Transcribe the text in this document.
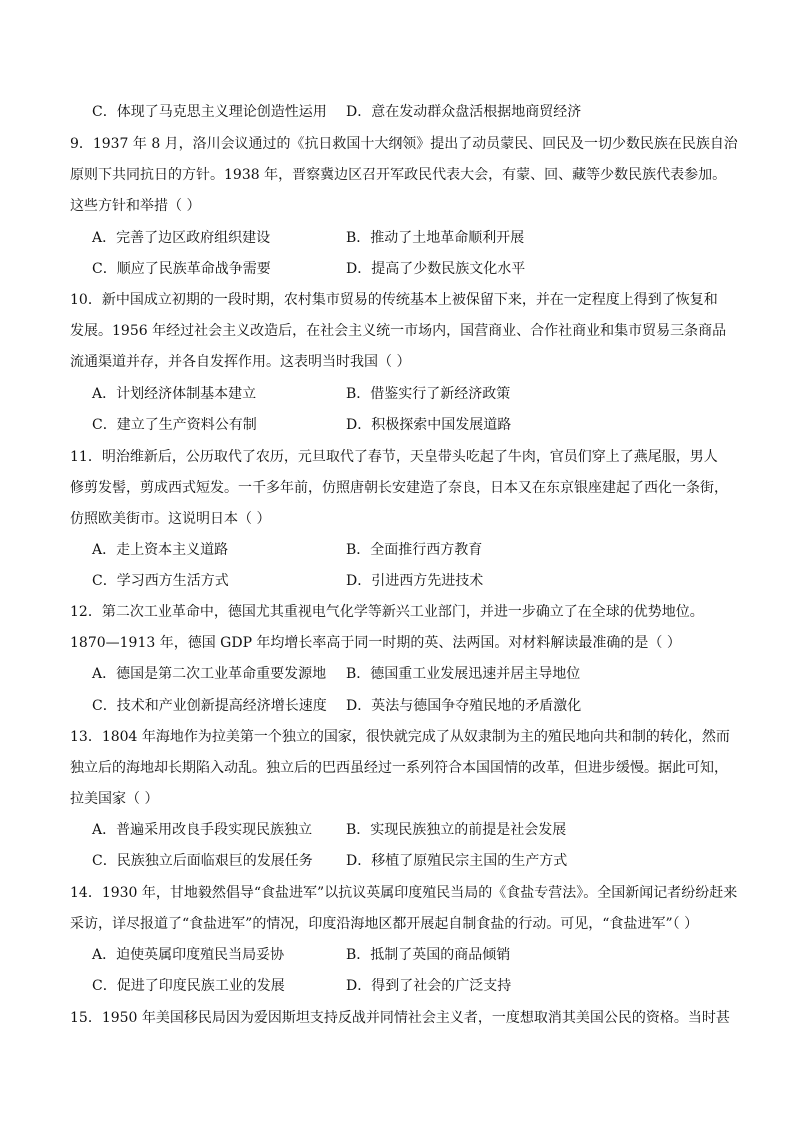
C．体现了马克思主义理论创造性运用 D．意在发动群众盘活根据地商贸经济
9．1937 年 8 月，洛川会议通过的《抗日救国十大纲领》提出了动员蒙民、回民及一切少数民族在民族自治
原则下共同抗日的方针。1938 年，晋察冀边区召开军政民代表大会，有蒙、回、藏等少数民族代表参加。
这些方针和举措（ ）
A．完善了边区政府组织建设	B．推动了土地革命顺利开展
C．顺应了民族革命战争需要	D．提高了少数民族文化水平
10．新中国成立初期的一段时期，农村集市贸易的传统基本上被保留下来，并在一定程度上得到了恢复和
发展。1956 年经过社会主义改造后，在社会主义统一市场内，国营商业、合作社商业和集市贸易三条商品
流通渠道并存，并各自发挥作用。这表明当时我国（ ）
A．计划经济体制基本建立	B．借鉴实行了新经济政策
C．建立了生产资料公有制	D．积极探索中国发展道路
11．明治维新后，公历取代了农历，元旦取代了春节，天皇带头吃起了牛肉，官员们穿上了燕尾服，男人
修剪发髻，剪成西式短发。一千多年前，仿照唐朝长安建造了奈良，日本又在东京银座建起了西化一条街，
仿照欧美街市。这说明日本（ ）
A．走上资本主义道路	B．全面推行西方教育
C．学习西方生活方式	D．引进西方先进技术
12．第二次工业革命中，德国尤其重视电气化学等新兴工业部门，并进一步确立了在全球的优势地位。
1870—1913 年，德国 GDP 年均增长率高于同一时期的英、法两国。对材料解读最准确的是（ ）
A．德国是第二次工业革命重要发源地 B．德国重工业发展迅速并居主导地位
C．技术和产业创新提高经济增长速度 D．英法与德国争夺殖民地的矛盾激化
13．1804 年海地作为拉美第一个独立的国家，很快就完成了从奴隶制为主的殖民地向共和制的转化，然而
独立后的海地却长期陷入动乱。独立后的巴西虽经过一系列符合本国国情的改革，但进步缓慢。据此可知，
拉美国家（ ）
A．普遍采用改良手段实现民族独立 B．实现民族独立的前提是社会发展
C．民族独立后面临艰巨的发展任务 D．移植了原殖民宗主国的生产方式
14．1930 年，甘地毅然倡导“食盐进军”以抗议英属印度殖民当局的《食盐专营法》。全国新闻记者纷纷赶来
采访，详尽报道了“食盐进军”的情况，印度沿海地区都开展起自制食盐的行动。可见，“食盐进军”（ ）
A．迫使英属印度殖民当局妥协	B．抵制了英国的商品倾销
C．促进了印度民族工业的发展	D．得到了社会的广泛支持
15．1950 年美国移民局因为爱因斯坦支持反战并同情社会主义者，一度想取消其美国公民的资格。当时甚
